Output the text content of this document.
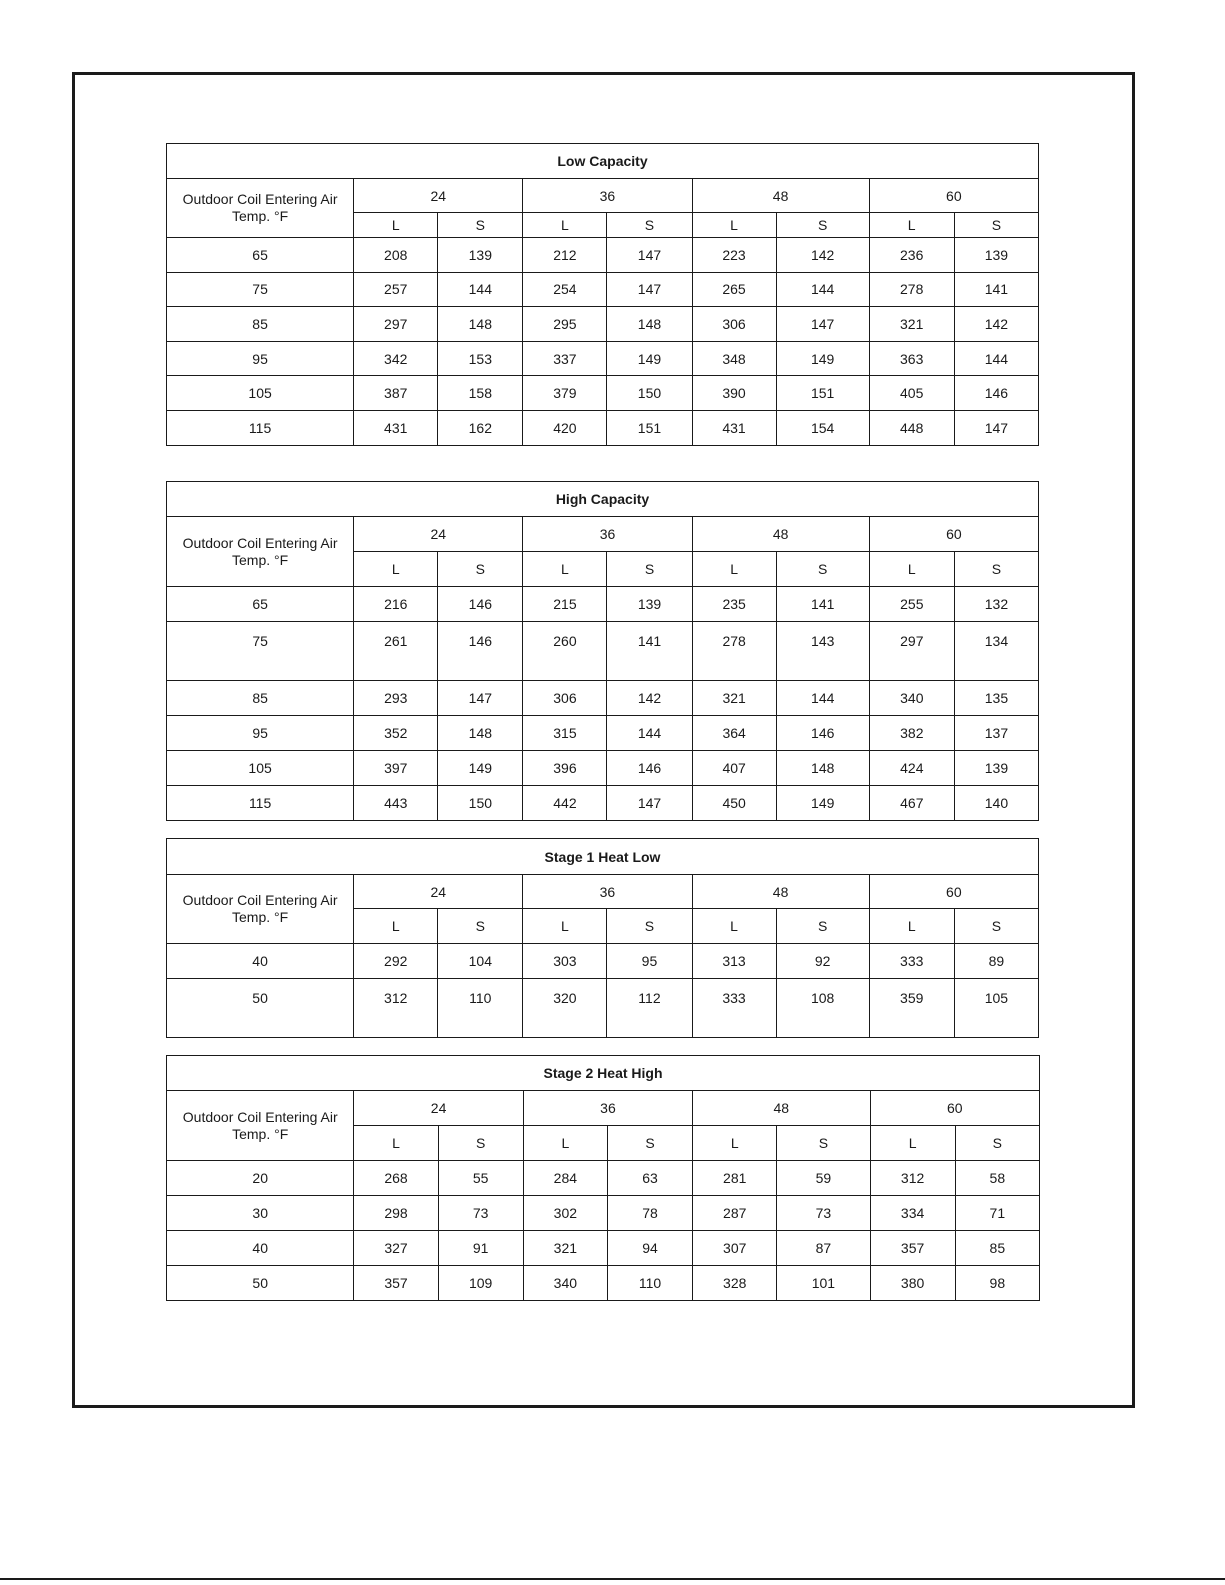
Low Capacity								
Outdoor Coil Entering Air Temp. °F	24		36		48		60	
	L	S	L	S	L	S	L	S
65	208	139	212	147	223	142	236	139
75	257	144	254	147	265	144	278	141
85	297	148	295	148	306	147	321	142
95	342	153	337	149	348	149	363	144
105	387	158	379	150	390	151	405	146
115	431	162	420	151	431	154	448	147
High Capacity								
Outdoor Coil Entering Air Temp. °F	24		36		48		60	
	L	S	L	S	L	S	L	S
65	216	146	215	139	235	141	255	132
75	261	146	260	141	278	143	297	134
85	293	147	306	142	321	144	340	135
95	352	148	315	144	364	146	382	137
105	397	149	396	146	407	148	424	139
115	443	150	442	147	450	149	467	140
Stage 1 Heat Low								
Outdoor Coil Entering Air Temp. °F	24		36		48		60	
	L	S	L	S	L	S	L	S
40	292	104	303	95	313	92	333	89
50	312	110	320	112	333	108	359	105
Stage 2 Heat High								
Outdoor Coil Entering Air Temp. °F	24		36		48		60	
	L	S	L	S	L	S	L	S
20	268	55	284	63	281	59	312	58
30	298	73	302	78	287	73	334	71
40	327	91	321	94	307	87	357	85
50	357	109	340	110	328	101	380	98
